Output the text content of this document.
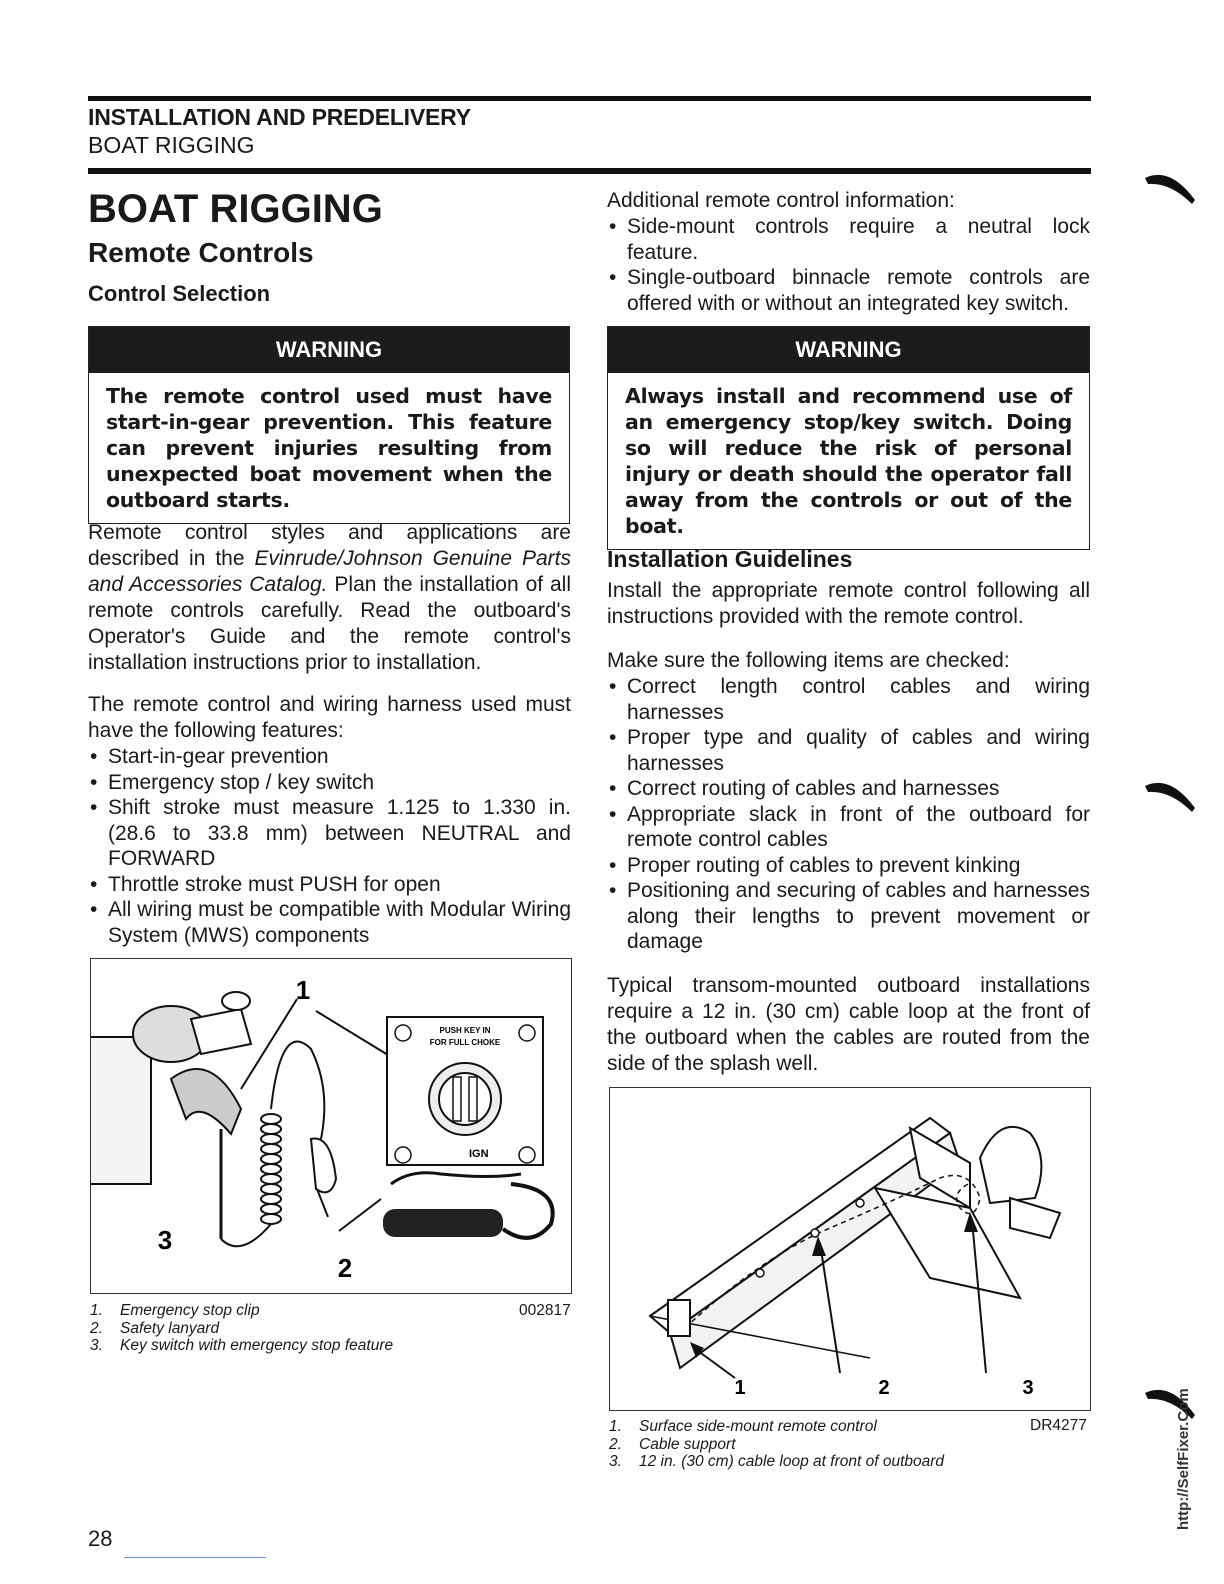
INSTALLATION AND PREDELIVERY
BOAT RIGGING
BOAT RIGGING
Remote Controls
Control Selection
WARNING
The remote control used must have start-in-gear prevention. This feature can prevent injuries resulting from unexpected boat movement when the outboard starts.

Remote control styles and applications are described in the Evinrude/Johnson Genuine Parts and Accessories Catalog. Plan the installation of all remote controls carefully. Read the outboard's Operator's Guide and the remote control's installation instructions prior to installation.

The remote control and wiring harness used must have the following features:

• Start-in-gear prevention
• Emergency stop / key switch
• Shift stroke must measure 1.125 to 1.330 in. (28.6 to 33.8 mm) between NEUTRAL and FORWARD
• Throttle stroke must PUSH for open
• All wiring must be compatible with Modular Wiring System (MWS) components
PUSH KEY IN
FOR FULL CHOKE
IGN
1
2
3
1. Emergency stop clip
2. Safety lanyard
3. Key switch with emergency stop feature
002817

Additional remote control information:

• Side-mount controls require a neutral lock feature.
• Single-outboard binnacle remote controls are offered with or without an integrated key switch.
WARNING
Always install and recommend use of an emergency stop/key switch. Doing so will reduce the risk of personal injury or death should the operator fall away from the controls or out of the boat.
Installation Guidelines

Install the appropriate remote control following all instructions provided with the remote control.

Make sure the following items are checked:

• Correct length control cables and wiring harnesses
• Proper type and quality of cables and wiring harnesses
• Correct routing of cables and harnesses
• Appropriate slack in front of the outboard for remote control cables
• Proper routing of cables to prevent kinking
• Positioning and securing of cables and harnesses along their lengths to prevent movement or damage

Typical transom-mounted outboard installations require a 12 in. (30 cm) cable loop at the front of the outboard when the cables are routed from the side of the splash well.

1	2	3
1. Surface side-mount remote control
2. Cable support
3. 12 in. (30 cm) cable loop at front of outboard
DR4277
28
http://SelfFixer.Com
